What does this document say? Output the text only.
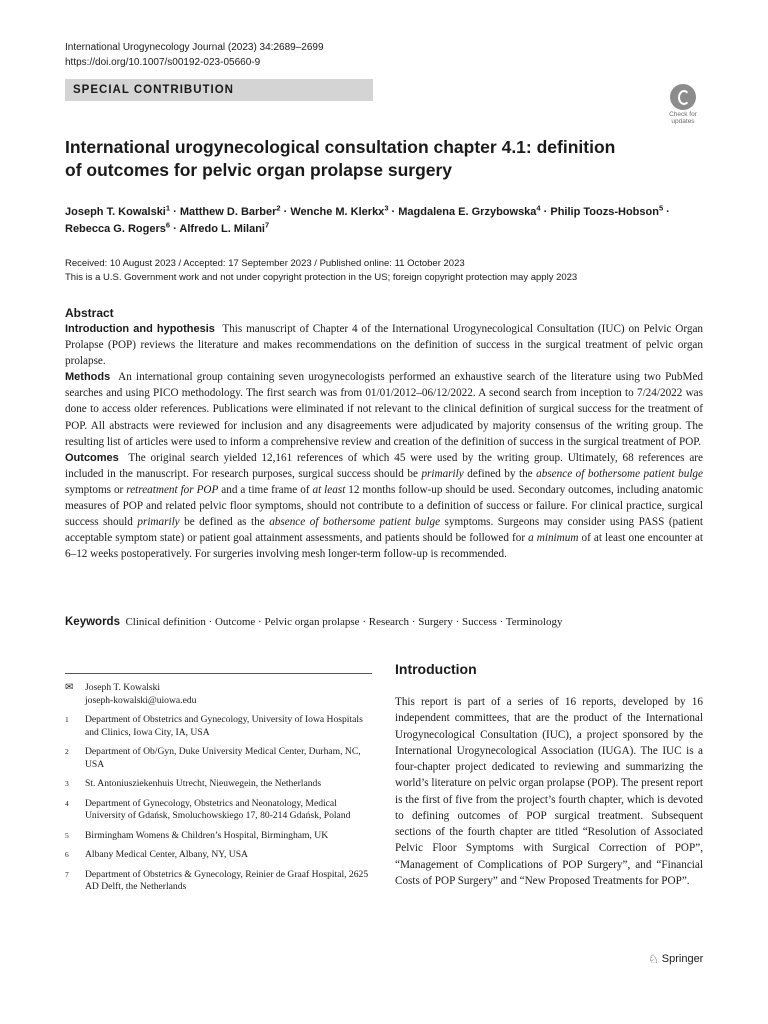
International Urogynecology Journal (2023) 34:2689–2699
https://doi.org/10.1007/s00192-023-05660-9
SPECIAL CONTRIBUTION
Check for
updates
International urogynecological consultation chapter 4.1: definition
of outcomes for pelvic organ prolapse surgery
Joseph T. Kowalski$^1$ · Matthew D. Barber$^2$ · Wenche M. Klerkx$^3$ · Magdalena E. Grzybowska$^4$ · Philip Toozs-Hobson$^5$ ·
Rebecca G. Rogers$^6$ · Alfredo L. Milani$^7$
Received: 10 August 2023 / Accepted: 17 September 2023 / Published online: 11 October 2023
This is a U.S. Government work and not under copyright protection in the US; foreign copyright protection may apply 2023
Abstract

Introduction and hypothesis This manuscript of Chapter 4 of the International Urogynecological Consultation (IUC) on Pelvic Organ Prolapse (POP) reviews the literature and makes recommendations on the definition of success in the surgical treatment of pelvic organ prolapse.

Methods An international group containing seven urogynecologists performed an exhaustive search of the literature using two PubMed searches and using PICO methodology. The first search was from 01/01/2012–06/12/2022. A second search from inception to 7/24/2022 was done to access older references. Publications were eliminated if not relevant to the clinical definition of surgical success for the treatment of POP. All abstracts were reviewed for inclusion and any disagreements were adjudicated by majority consensus of the writing group. The resulting list of articles were used to inform a comprehensive review and creation of the definition of success in the surgical treatment of POP.

Outcomes The original search yielded 12,161 references of which 45 were used by the writing group. Ultimately, 68 references are included in the manuscript. For research purposes, surgical success should be primarily defined by the absence of bothersome patient bulge symptoms or retreatment for POP and a time frame of at least 12 months follow-up should be used. Secondary outcomes, including anatomic measures of POP and related pelvic floor symptoms, should not contribute to a definition of success or failure. For clinical practice, surgical success should primarily be defined as the absence of bothersome patient bulge symptoms. Surgeons may consider using PASS (patient acceptable symptom state) or patient goal attainment assessments, and patients should be followed for a minimum of at least one encounter at 6–12 weeks postoperatively. For surgeries involving mesh longer-term follow-up is recommended.

Keywords Clinical definition · Outcome · Pelvic organ prolapse · Research · Surgery · Success · Terminology
✉	Joseph T. Kowalski
joseph-kowalski@uiowa.edu
1	Department of Obstetrics and Gynecology, University of Iowa Hospitals and Clinics, Iowa City, IA, USA
2	Department of Ob/Gyn, Duke University Medical Center, Durham, NC, USA
3	St. Antoniusziekenhuis Utrecht, Nieuwegein, the Netherlands
4	Department of Gynecology, Obstetrics and Neonatology, Medical University of Gdańsk, Smoluchowskiego 17, 80-214 Gdańsk, Poland
5	Birmingham Womens & Children’s Hospital, Birmingham, UK
6	Albany Medical Center, Albany, NY, USA
7	Department of Obstetrics & Gynecology, Reinier de Graaf Hospital, 2625 AD Delft, the Netherlands
Introduction

This report is part of a series of 16 reports, developed by 16 independent committees, that are the product of the International Urogynecological Consultation (IUC), a project sponsored by the International Urogynecological Association (IUGA). The IUC is a four-chapter project dedicated to reviewing and summarizing the world’s literature on pelvic organ prolapse (POP). The present report is the first of five from the project’s fourth chapter, which is devoted to defining outcomes of POP surgical treatment. Subsequent sections of the fourth chapter are titled “Resolution of Associated Pelvic Floor Symptoms with Surgical Correction of POP”, “Management of Complications of POP Surgery”, and “Financial Costs of POP Surgery” and “New Proposed Treatments for POP”.

♘ Springer
